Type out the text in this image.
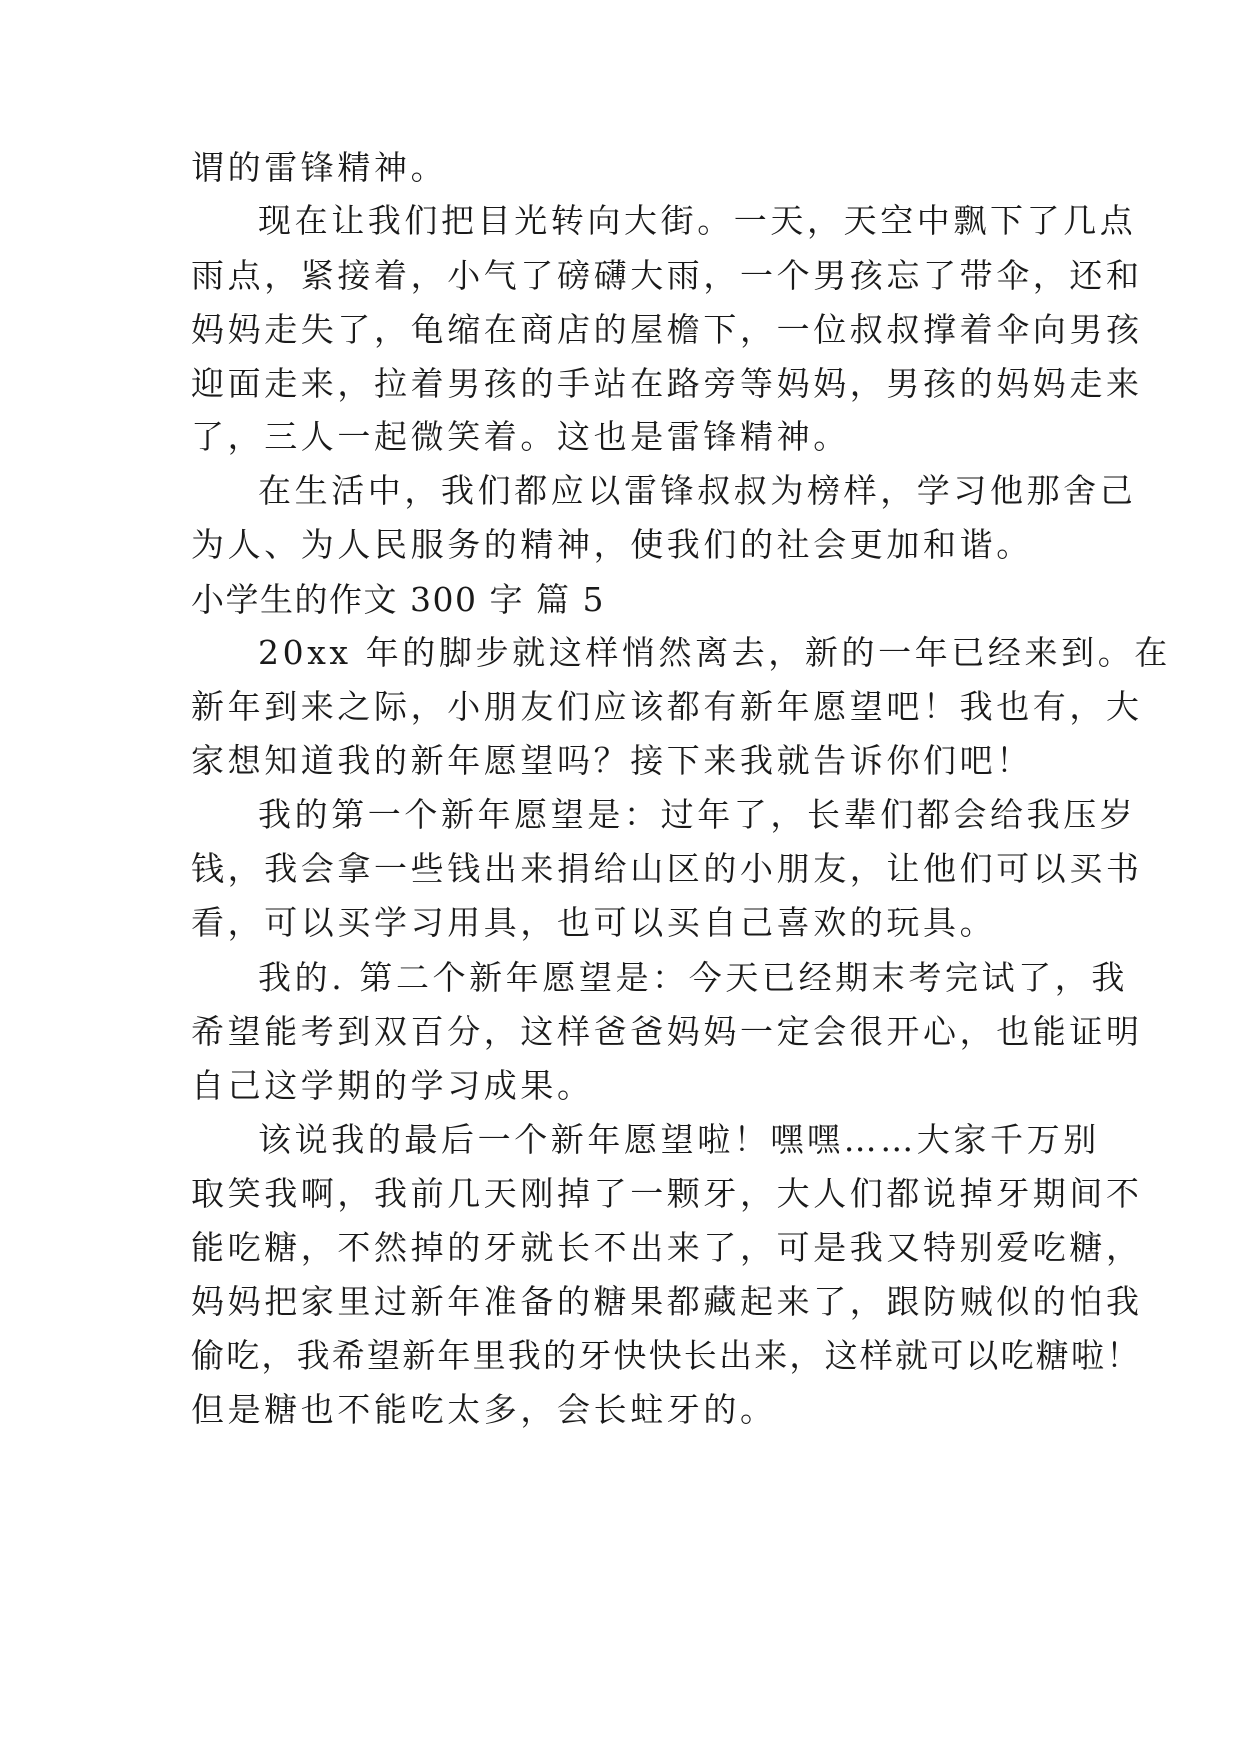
谓的雷锋精神。
现在让我们把目光转向大街。一天，天空中飘下了几点
雨点，紧接着，小气了磅礴大雨，一个男孩忘了带伞，还和
妈妈走失了，龟缩在商店的屋檐下，一位叔叔撑着伞向男孩
迎面走来，拉着男孩的手站在路旁等妈妈，男孩的妈妈走来
了，三人一起微笑着。这也是雷锋精神。
在生活中，我们都应以雷锋叔叔为榜样，学习他那舍己
为人、为人民服务的精神，使我们的社会更加和谐。
小学生的作文 300 字 篇 5
20xx 年的脚步就这样悄然离去，新的一年已经来到。在
新年到来之际，小朋友们应该都有新年愿望吧！我也有，大
家想知道我的新年愿望吗？接下来我就告诉你们吧！
我的第一个新年愿望是：过年了，长辈们都会给我压岁
钱，我会拿一些钱出来捐给山区的小朋友，让他们可以买书
看，可以买学习用具，也可以买自己喜欢的玩具。
我的. 第二个新年愿望是：今天已经期末考完试了，我
希望能考到双百分，这样爸爸妈妈一定会很开心，也能证明
自己这学期的学习成果。
该说我的最后一个新年愿望啦！嘿嘿……大家千万别
取笑我啊，我前几天刚掉了一颗牙，大人们都说掉牙期间不
能吃糖，不然掉的牙就长不出来了，可是我又特别爱吃糖，
妈妈把家里过新年准备的糖果都藏起来了，跟防贼似的怕我
偷吃，我希望新年里我的牙快快长出来，这样就可以吃糖啦！
但是糖也不能吃太多，会长蛀牙的。
